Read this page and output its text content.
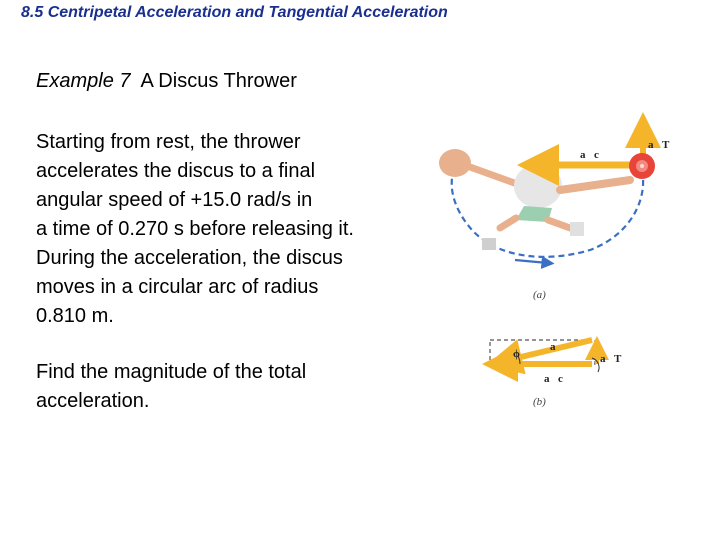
8.5 Centripetal Acceleration and Tangential Acceleration
Example 7 A Discus Thrower
Starting from rest, the thrower
accelerates the discus to a final
angular speed of +15.0 rad/s in
a time of 0.270 s before releasing it.
During the acceleration, the discus
moves in a circular arc of radius
0.810 m.
Find the magnitude of the total
acceleration.
a⃗c
a⃗T
(a)
ϕ
a⃗
a⃗c
a⃗T
(b)
